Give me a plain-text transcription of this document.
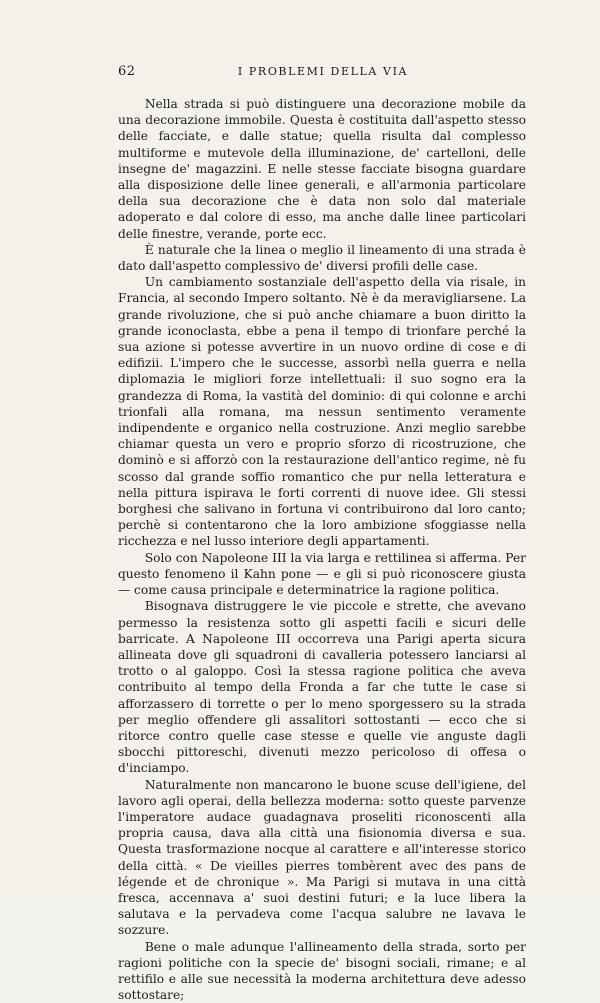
62	I PROBLEMI DELLA VIA

Nella strada si può distinguere una decorazione mobile da una decorazione immobile. Questa è costituita dall'aspetto stesso delle facciate, e dalle statue; quella risulta dal complesso multiforme e mutevole della illuminazione, de' cartelloni, delle insegne de' magazzini. E nelle stesse facciate bisogna guardare alla disposizione delle linee generali, e all'armonia particolare della sua decorazione che è data non solo dal materiale adoperato e dal colore di esso, ma anche dalle linee particolari delle finestre, verande, porte ecc.

È naturale che la linea o meglio il lineamento di una strada è dato dall'aspetto complessivo de' diversi profili delle case.

Un cambiamento sostanziale dell'aspetto della via risale, in Francia, al secondo Impero soltanto. Nè è da meravigliarsene. La grande rivoluzione, che si può anche chiamare a buon diritto la grande iconoclasta, ebbe a pena il tempo di trionfare perché la sua azione si potesse avvertire in un nuovo ordine di cose e di edifizii. L'impero che le successe, assorbì nella guerra e nella diplomazia le migliori forze intellettuali: il suo sogno era la grandezza di Roma, la vastità del dominio: di qui colonne e archi trionfali alla romana, ma nessun sentimento veramente indipendente e organico nella costruzione. Anzi meglio sarebbe chiamar questa un vero e proprio sforzo di ricostruzione, che dominò e si afforzò con la restaurazione dell'antico regime, nè fu scosso dal grande soffio romantico che pur nella letteratura e nella pittura ispirava le forti correnti di nuove idee. Gli stessi borghesi che salivano in fortuna vi contribuirono dal loro canto; perchè si contentarono che la loro ambizione sfoggiasse nella ricchezza e nel lusso interiore degli appartamenti.

Solo con Napoleone III la via larga e rettilinea si afferma. Per questo fenomeno il Kahn pone — e gli si può riconoscere giusta — come causa principale e determinatrice la ragione politica.

Bisognava distruggere le vie piccole e strette, che avevano permesso la resistenza sotto gli aspetti facili e sicuri delle barricate. A Napoleone III occorreva una Parigi aperta sicura allineata dove gli squadroni di cavalleria potessero lanciarsi al trotto o al galoppo. Così la stessa ragione politica che aveva contribuito al tempo della Fronda a far che tutte le case si afforzassero di torrette o per lo meno sporgessero su la strada per meglio offendere gli assalitori sottostanti — ecco che si ritorce contro quelle case stesse e quelle vie anguste dagli sbocchi pittoreschi, divenuti mezzo pericoloso di offesa o d'inciampo.

Naturalmente non mancarono le buone scuse dell'igiene, del lavoro agli operai, della bellezza moderna: sotto queste parvenze l'imperatore audace guadagnava proseliti riconoscenti alla propria causa, dava alla città una fisionomia diversa e sua. Questa trasformazione nocque al carattere e all'interesse storico della città. « De vieilles pierres tombèrent avec des pans de légende et de chronique ». Ma Parigi si mutava in una città fresca, accennava a' suoi destini futuri; e la luce libera la salutava e la pervadeva come l'acqua salubre ne lavava le sozzure.

Bene o male adunque l'allineamento della strada, sorto per ragioni politiche con la specie de' bisogni sociali, rimane; e al rettifilo e alle sue necessità la moderna architettura deve adesso sottostare;
